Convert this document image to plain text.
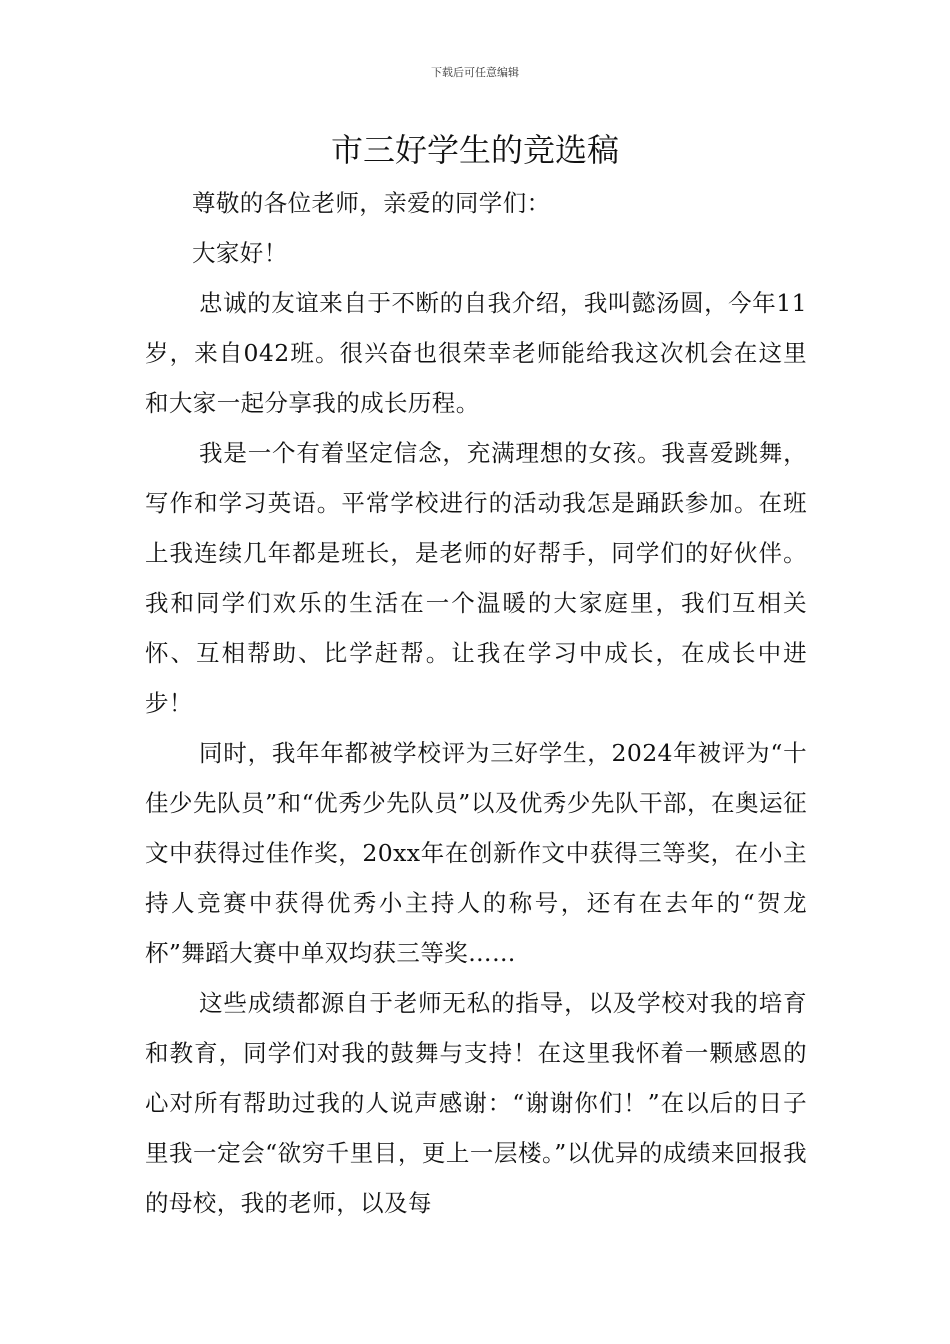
下载后可任意编辑
市三好学生的竞选稿

尊敬的各位老师，亲爱的同学们：

大家好！

忠诚的友谊来自于不断的自我介绍，我叫懿汤圆，今年11岁，来自042班。很兴奋也很荣幸老师能给我这次机会在这里和大家一起分享我的成长历程。

我是一个有着坚定信念，充满理想的女孩。我喜爱跳舞，写作和学习英语。平常学校进行的活动我怎是踊跃参加。在班上我连续几年都是班长，是老师的好帮手，同学们的好伙伴。我和同学们欢乐的生活在一个温暖的大家庭里，我们互相关怀、互相帮助、比学赶帮。让我在学习中成长，在成长中进步！

同时，我年年都被学校评为三好学生，2024年被评为“十佳少先队员”和“优秀少先队员”以及优秀少先队干部，在奥运征文中获得过佳作奖，20xx年在创新作文中获得三等奖，在小主持人竞赛中获得优秀小主持人的称号，还有在去年的“贺龙杯”舞蹈大赛中单双均获三等奖……

这些成绩都源自于老师无私的指导，以及学校对我的培育和教育，同学们对我的鼓舞与支持！在这里我怀着一颗感恩的心对所有帮助过我的人说声感谢：“谢谢你们！”在以后的日子里我一定会“欲穷千里目，更上一层楼。”以优异的成绩来回报我的母校，我的老师，以及每
